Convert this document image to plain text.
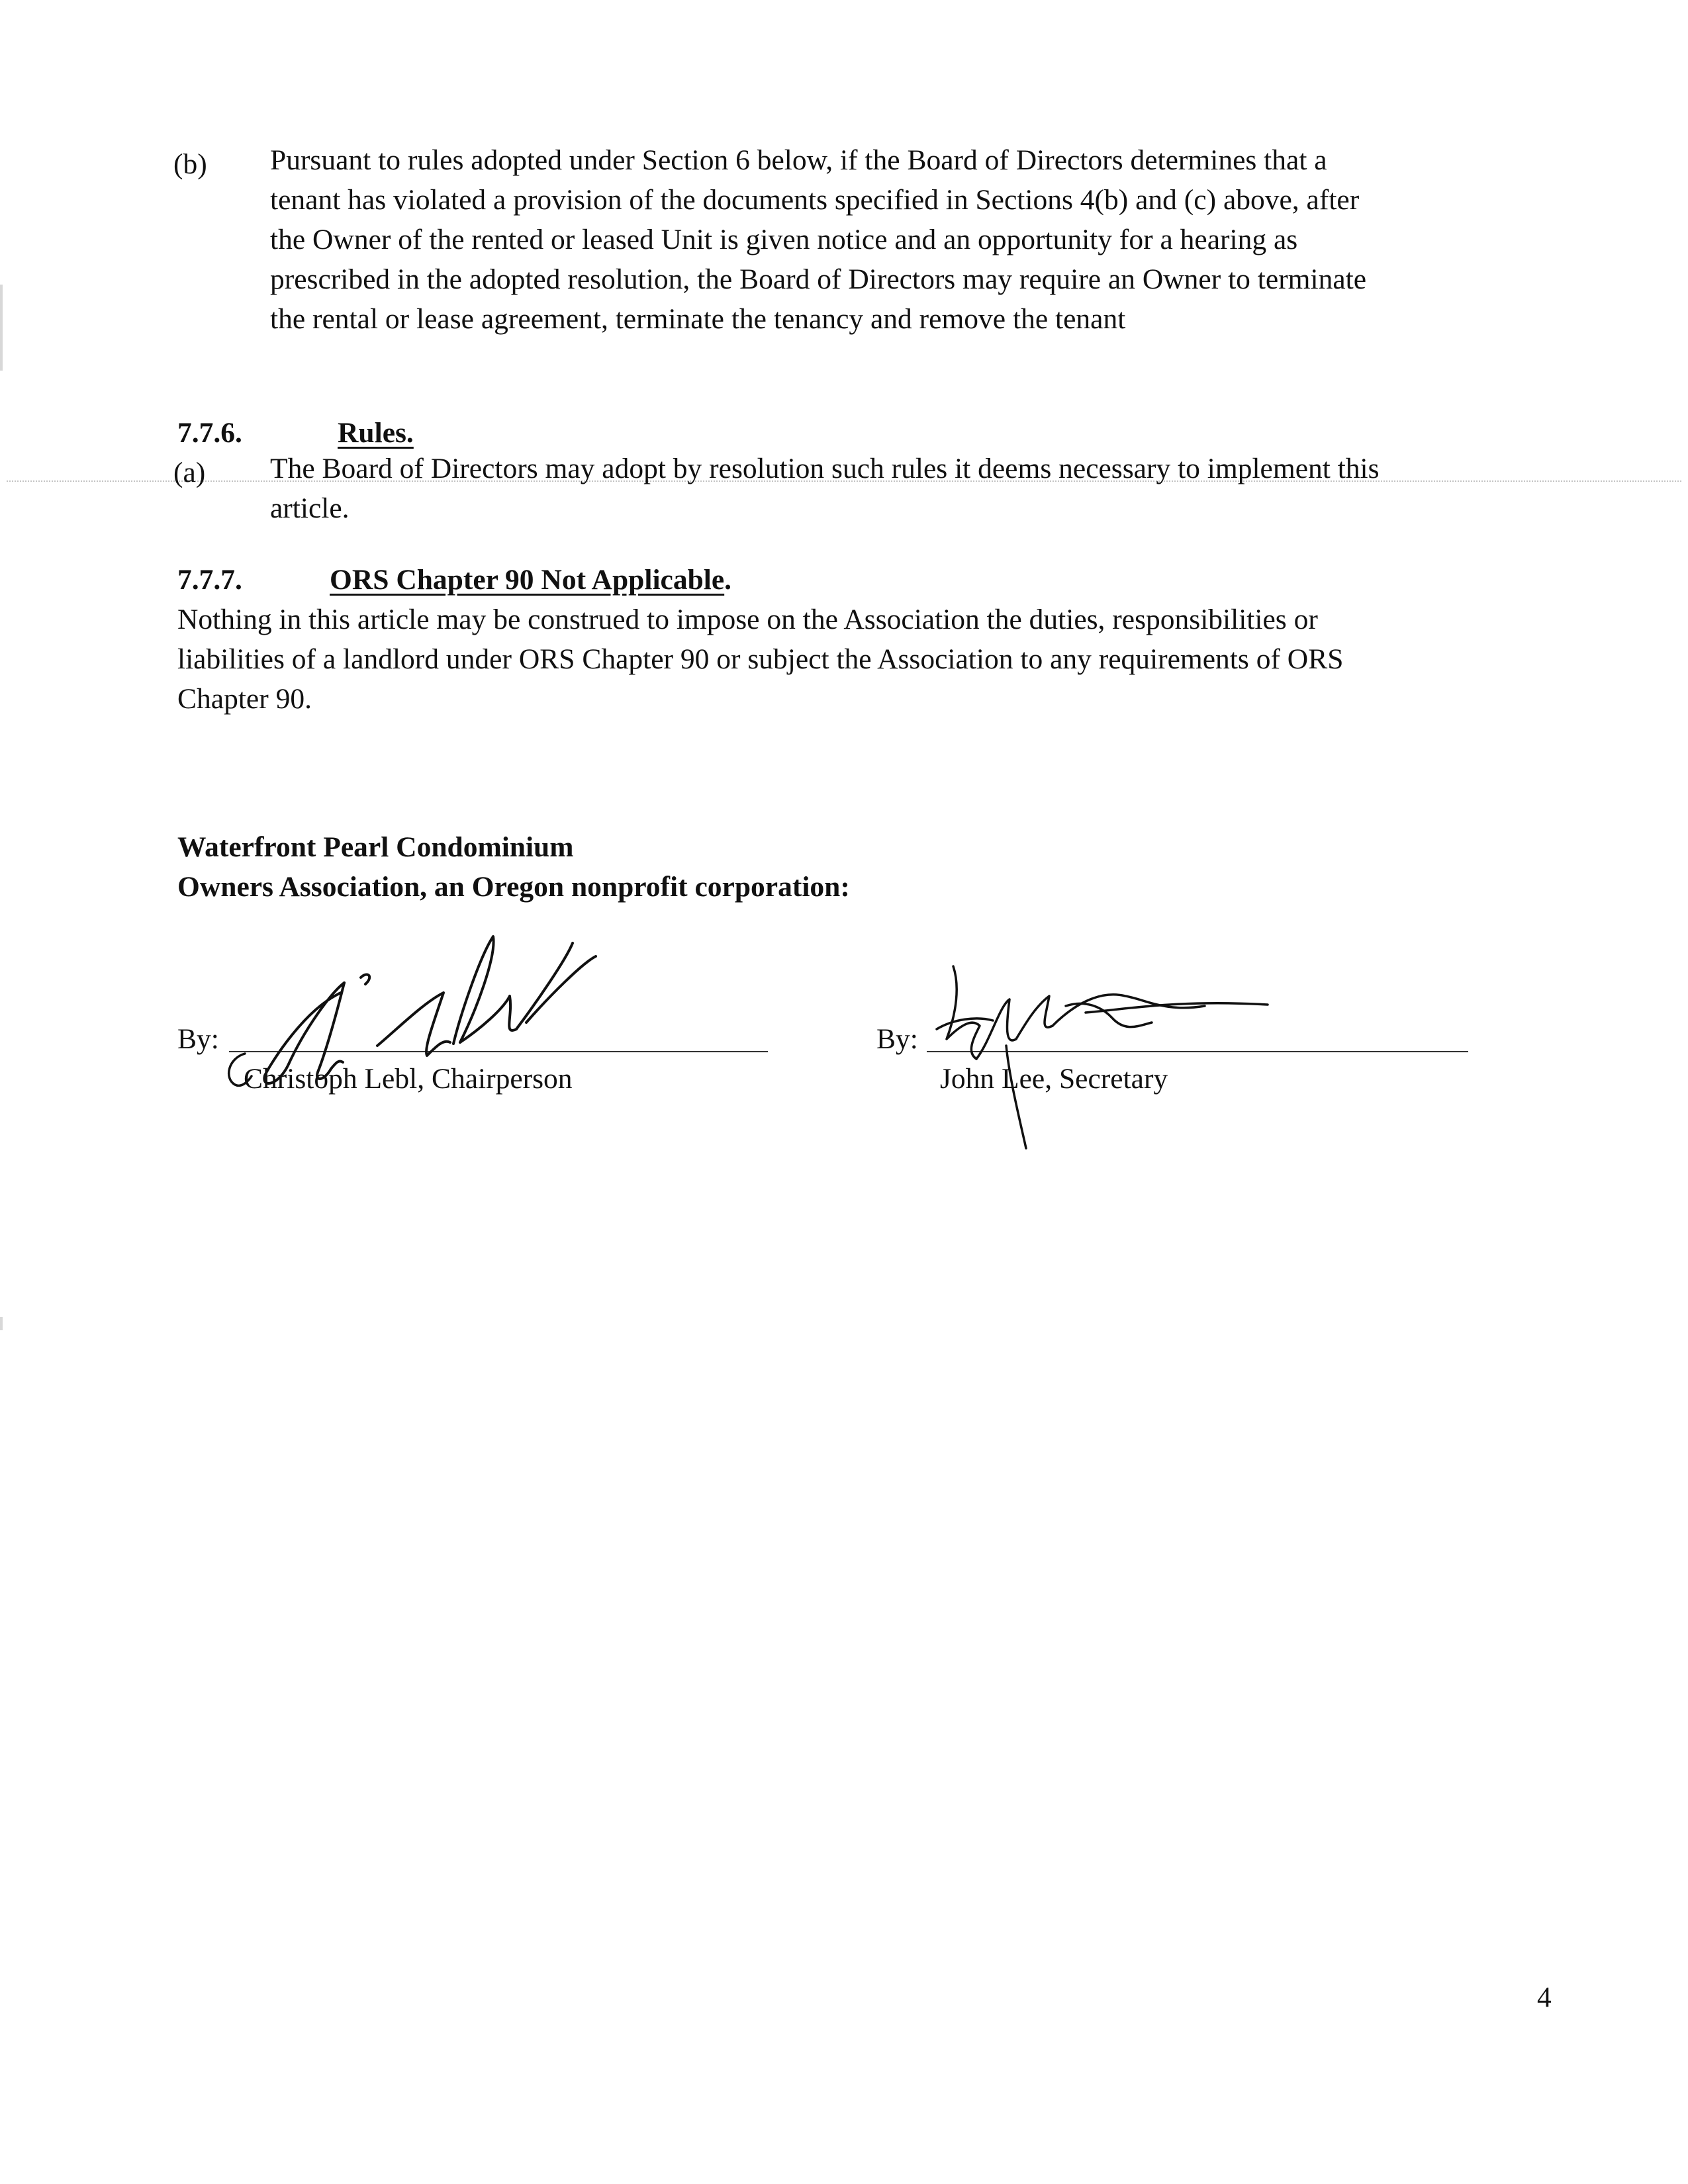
(b)	Pursuant to rules adopted under Section 6 below, if the Board of Directors determines that a
tenant has violated a provision of the documents specified in Sections 4(b) and (c) above, after
the Owner of the rented or leased Unit is given notice and an opportunity for a hearing as
prescribed in the adopted resolution, the Board of Directors may require an Owner to terminate
the rental or lease agreement, terminate the tenancy and remove the tenant
7.7.6.	Rules.
(a)	The Board of Directors may adopt by resolution such rules it deems necessary to implement this
article.
7.7.7.	ORS Chapter 90 Not Applicable.
Nothing in this article may be construed to impose on the Association the duties, responsibilities or
liabilities of a landlord under ORS Chapter 90 or subject the Association to any requirements of ORS
Chapter 90.
Waterfront Pearl Condominium
Owners Association, an Oregon nonprofit corporation:
By:
Christoph Lebl, Chairperson
By:
John Lee, Secretary
4
